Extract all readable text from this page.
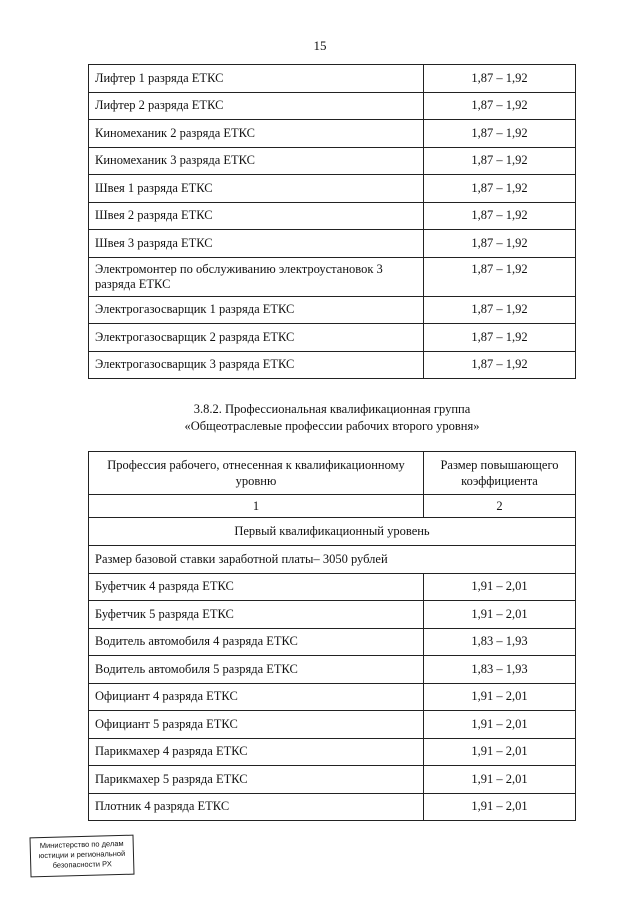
15
Лифтер 1 разряда ЕТКС	1,87 – 1,92
Лифтер 2 разряда ЕТКС	1,87 – 1,92
Киномеханик 2 разряда ЕТКС	1,87 – 1,92
Киномеханик 3 разряда ЕТКС	1,87 – 1,92
Швея 1 разряда ЕТКС	1,87 – 1,92
Швея 2 разряда ЕТКС	1,87 – 1,92
Швея 3 разряда ЕТКС	1,87 – 1,92
Электромонтер по обслуживанию электроустановок 3 разряда ЕТКС	1,87 – 1,92
Электрогазосварщик 1 разряда ЕТКС	1,87 – 1,92
Электрогазосварщик 2 разряда ЕТКС	1,87 – 1,92
Электрогазосварщик 3 разряда ЕТКС	1,87 – 1,92
3.8.2. Профессиональная квалификационная группа
«Общеотраслевые профессии рабочих второго уровня»
Профессия рабочего, отнесенная к квалификационному уровню	Размер повышающего коэффициента
1	2
Первый квалификационный уровень	
Размер базовой ставки заработной платы– 3050 рублей	
Буфетчик 4 разряда ЕТКС	1,91 – 2,01
Буфетчик 5 разряда ЕТКС	1,91 – 2,01
Водитель автомобиля 4 разряда ЕТКС	1,83 – 1,93
Водитель автомобиля 5 разряда ЕТКС	1,83 – 1,93
Официант 4 разряда ЕТКС	1,91 – 2,01
Официант 5 разряда ЕТКС	1,91 – 2,01
Парикмахер 4 разряда ЕТКС	1,91 – 2,01
Парикмахер 5 разряда ЕТКС	1,91 – 2,01
Плотник 4 разряда ЕТКС	1,91 – 2,01
Министерство по делам
юстиции и региональной
безопасности РХ
